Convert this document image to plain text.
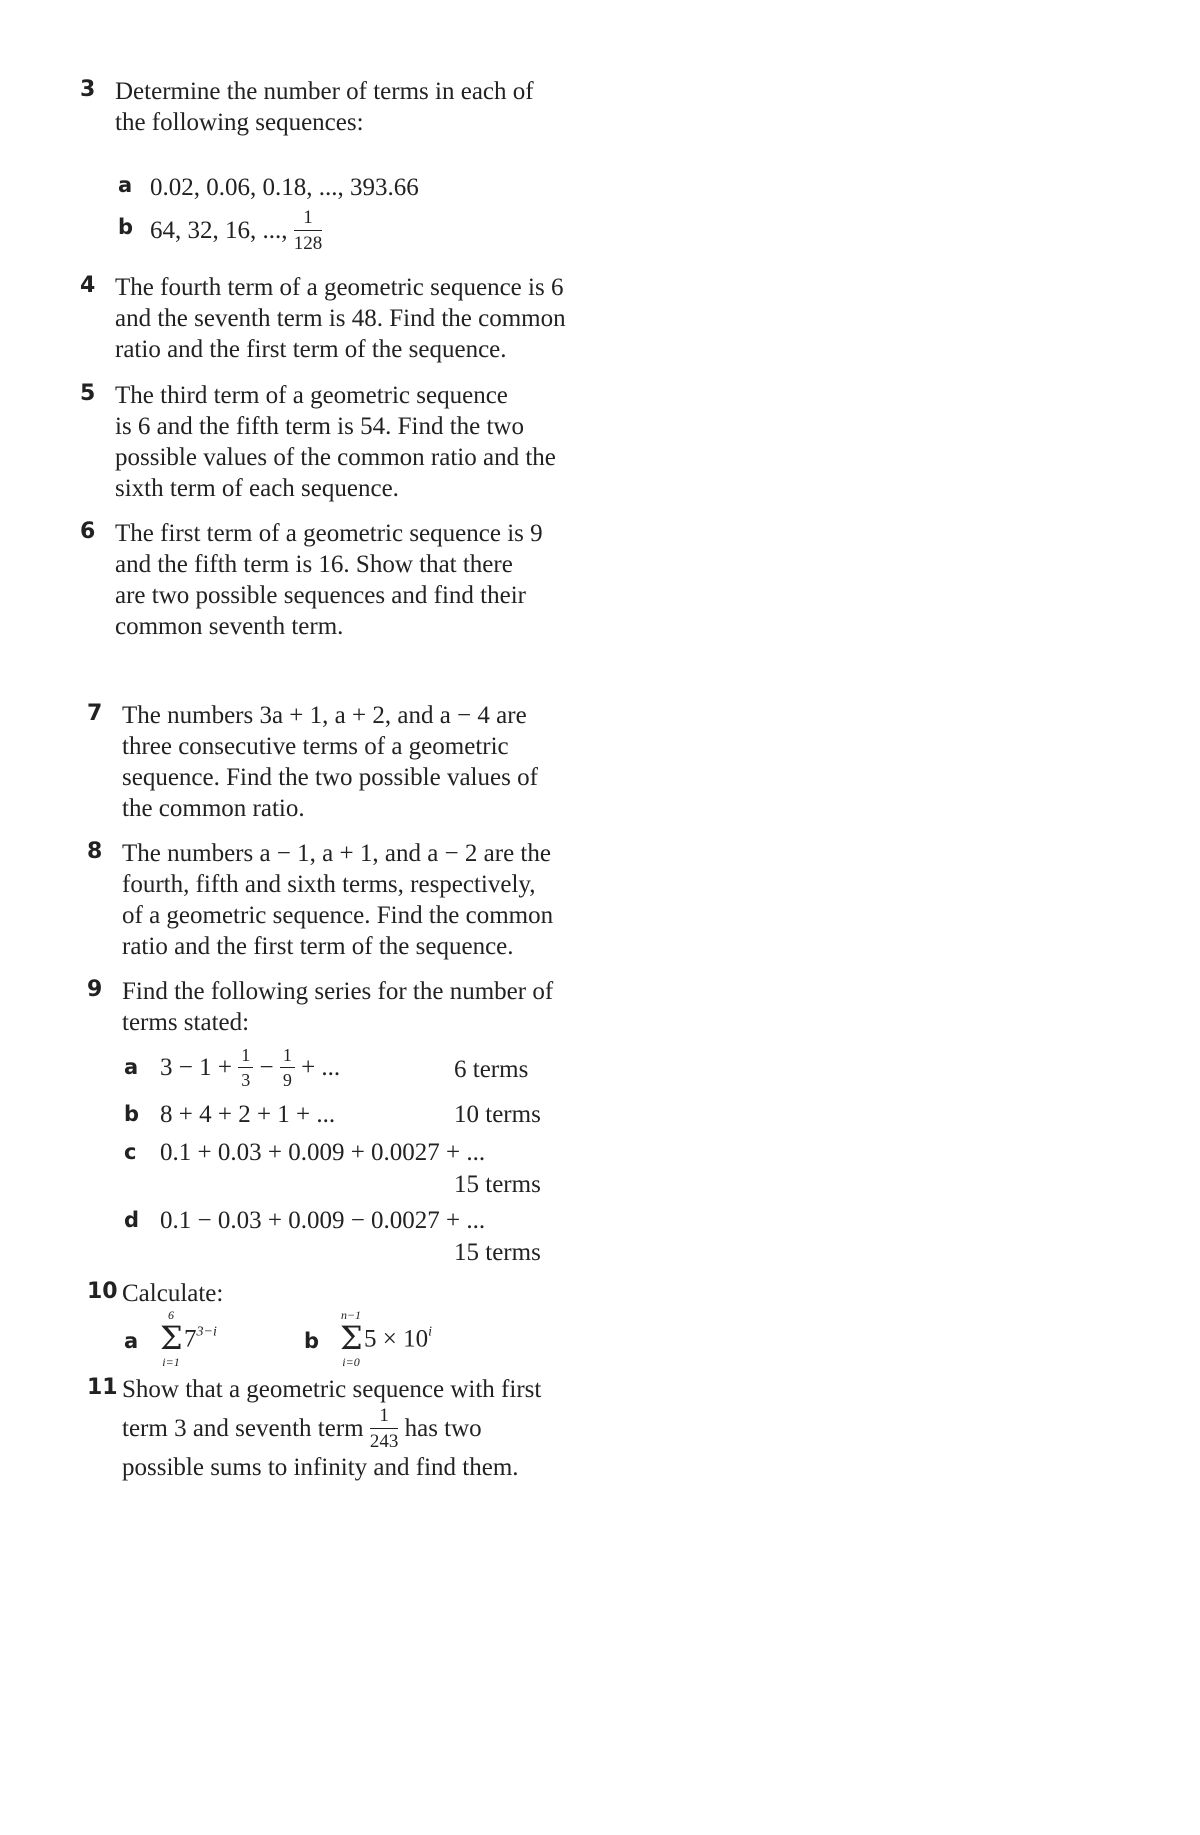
3 Determine the number of terms in each of
the following sequences:
a 0.02, 0.06, 0.18, ..., 393.66
b 64, 32, 16, ..., $\frac{1}{128}$
4 The fourth term of a geometric sequence is 6
and the seventh term is 48. Find the common
ratio and the first term of the sequence.
5 The third term of a geometric sequence
is 6 and the fifth term is 54. Find the two
possible values of the common ratio and the
sixth term of each sequence.
6 The first term of a geometric sequence is 9
and the fifth term is 16. Show that there
are two possible sequences and find their
common seventh term.
7 The numbers 3a + 1, a + 2, and a − 4 are
three consecutive terms of a geometric
sequence. Find the two possible values of
the common ratio.
8 The numbers a − 1, a + 1, and a − 2 are the
fourth, fifth and sixth terms, respectively,
of a geometric sequence. Find the common
ratio and the first term of the sequence.
9 Find the following series for the number of
terms stated:
a $3 - 1 + \frac{1}{3} - \frac{1}{9}$ + ...	6 terms
b 8 + 4 + 2 + 1 + ...	10 terms
c 0.1 + 0.03 + 0.009 + 0.0027 + ...
15 terms
d 0.1 − 0.03 + 0.009 − 0.0027 + ...
15 terms
10 Calculate:
a
6
Σ
i=1
$7^{3-i}$	b
n−1
Σ
i=0
$5 \times 10^i$
11 Show that a geometric sequence with first
term 3 and seventh term $\frac{1}{243}$ has two
possible sums to infinity and find them.
